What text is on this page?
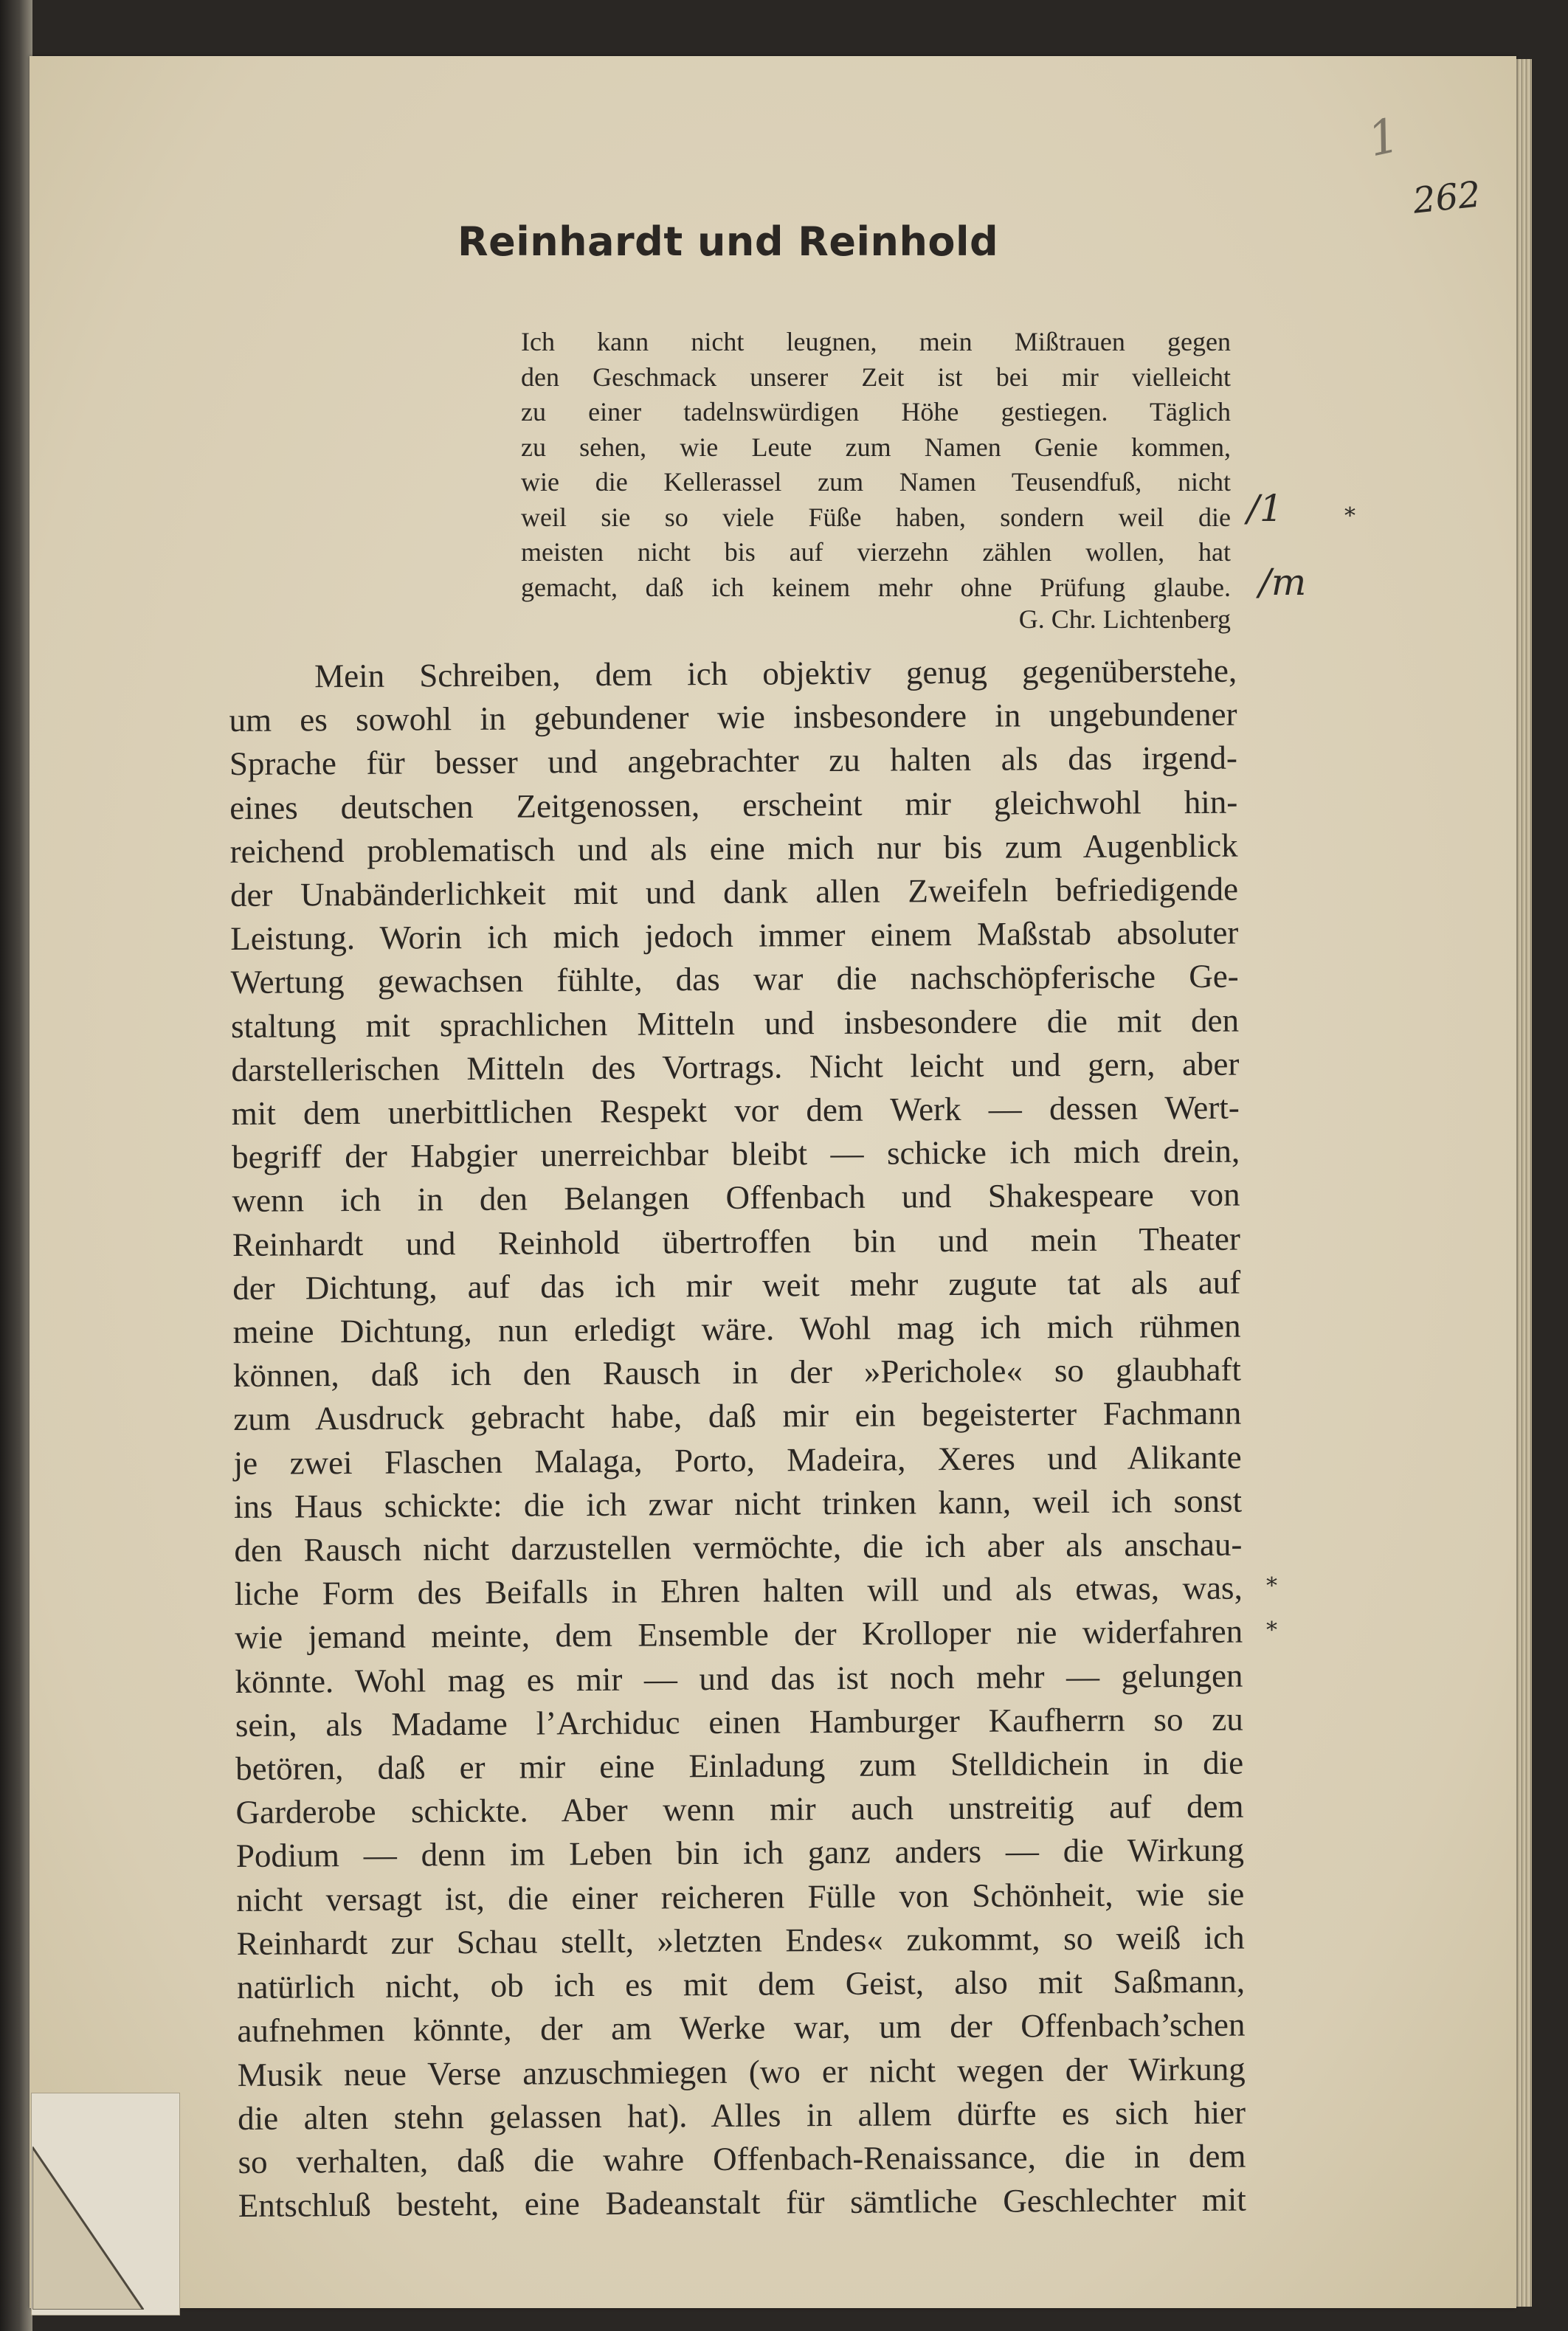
1
262
Reinhardt und Reinhold
Ich kann nicht leugnen, mein Mißtrauen gegen
den Geschmack unserer Zeit ist bei mir vielleicht
zu einer tadelnswürdigen Höhe gestiegen. Täglich
zu sehen, wie Leute zum Namen Genie kommen,
wie die Kellerassel zum Namen Teusendfuß, nicht
weil sie so viele Füße haben, sondern weil die
meisten nicht bis auf vierzehn zählen wollen, hat
gemacht, daß ich keinem mehr ohne Prüfung glaube.
G. Chr. Lichtenberg
/1	*
/m
*
*
Mein Schreiben, dem ich objektiv genug gegenüberstehe,
um es sowohl in gebundener wie insbesondere in ungebundener
Sprache für besser und angebrachter zu halten als das irgend-
eines deutschen Zeitgenossen, erscheint mir gleichwohl hin-
reichend problematisch und als eine mich nur bis zum Augenblick
der Unabänderlichkeit mit und dank allen Zweifeln befriedigende
Leistung. Worin ich mich jedoch immer einem Maßstab absoluter
Wertung gewachsen fühlte, das war die nachschöpferische Ge-
staltung mit sprachlichen Mitteln und insbesondere die mit den
darstellerischen Mitteln des Vortrags. Nicht leicht und gern, aber
mit dem unerbittlichen Respekt vor dem Werk — dessen Wert-
begriff der Habgier unerreichbar bleibt — schicke ich mich drein,
wenn ich in den Belangen Offenbach und Shakespeare von
Reinhardt und Reinhold übertroffen bin und mein Theater
der Dichtung, auf das ich mir weit mehr zugute tat als auf
meine Dichtung, nun erledigt wäre. Wohl mag ich mich rühmen
können, daß ich den Rausch in der »Perichole« so glaubhaft
zum Ausdruck gebracht habe, daß mir ein begeisterter Fachmann
je zwei Flaschen Malaga, Porto, Madeira, Xeres und Alikante
ins Haus schickte: die ich zwar nicht trinken kann, weil ich sonst
den Rausch nicht darzustellen vermöchte, die ich aber als anschau-
liche Form des Beifalls in Ehren halten will und als etwas, was,
wie jemand meinte, dem Ensemble der Krolloper nie widerfahren
könnte. Wohl mag es mir — und das ist noch mehr — gelungen
sein, als Madame l’Archiduc einen Hamburger Kaufherrn so zu
betören, daß er mir eine Einladung zum Stelldichein in die
Garderobe schickte. Aber wenn mir auch unstreitig auf dem
Podium — denn im Leben bin ich ganz anders — die Wirkung
nicht versagt ist, die einer reicheren Fülle von Schönheit, wie sie
Reinhardt zur Schau stellt, »letzten Endes« zukommt, so weiß ich
natürlich nicht, ob ich es mit dem Geist, also mit Saßmann,
aufnehmen könnte, der am Werke war, um der Offenbach’schen
Musik neue Verse anzuschmiegen (wo er nicht wegen der Wirkung
die alten stehn gelassen hat). Alles in allem dürfte es sich hier
so verhalten, daß die wahre Offenbach-Renaissance, die in dem
Entschluß besteht, eine Badeanstalt für sämtliche Geschlechter mit
